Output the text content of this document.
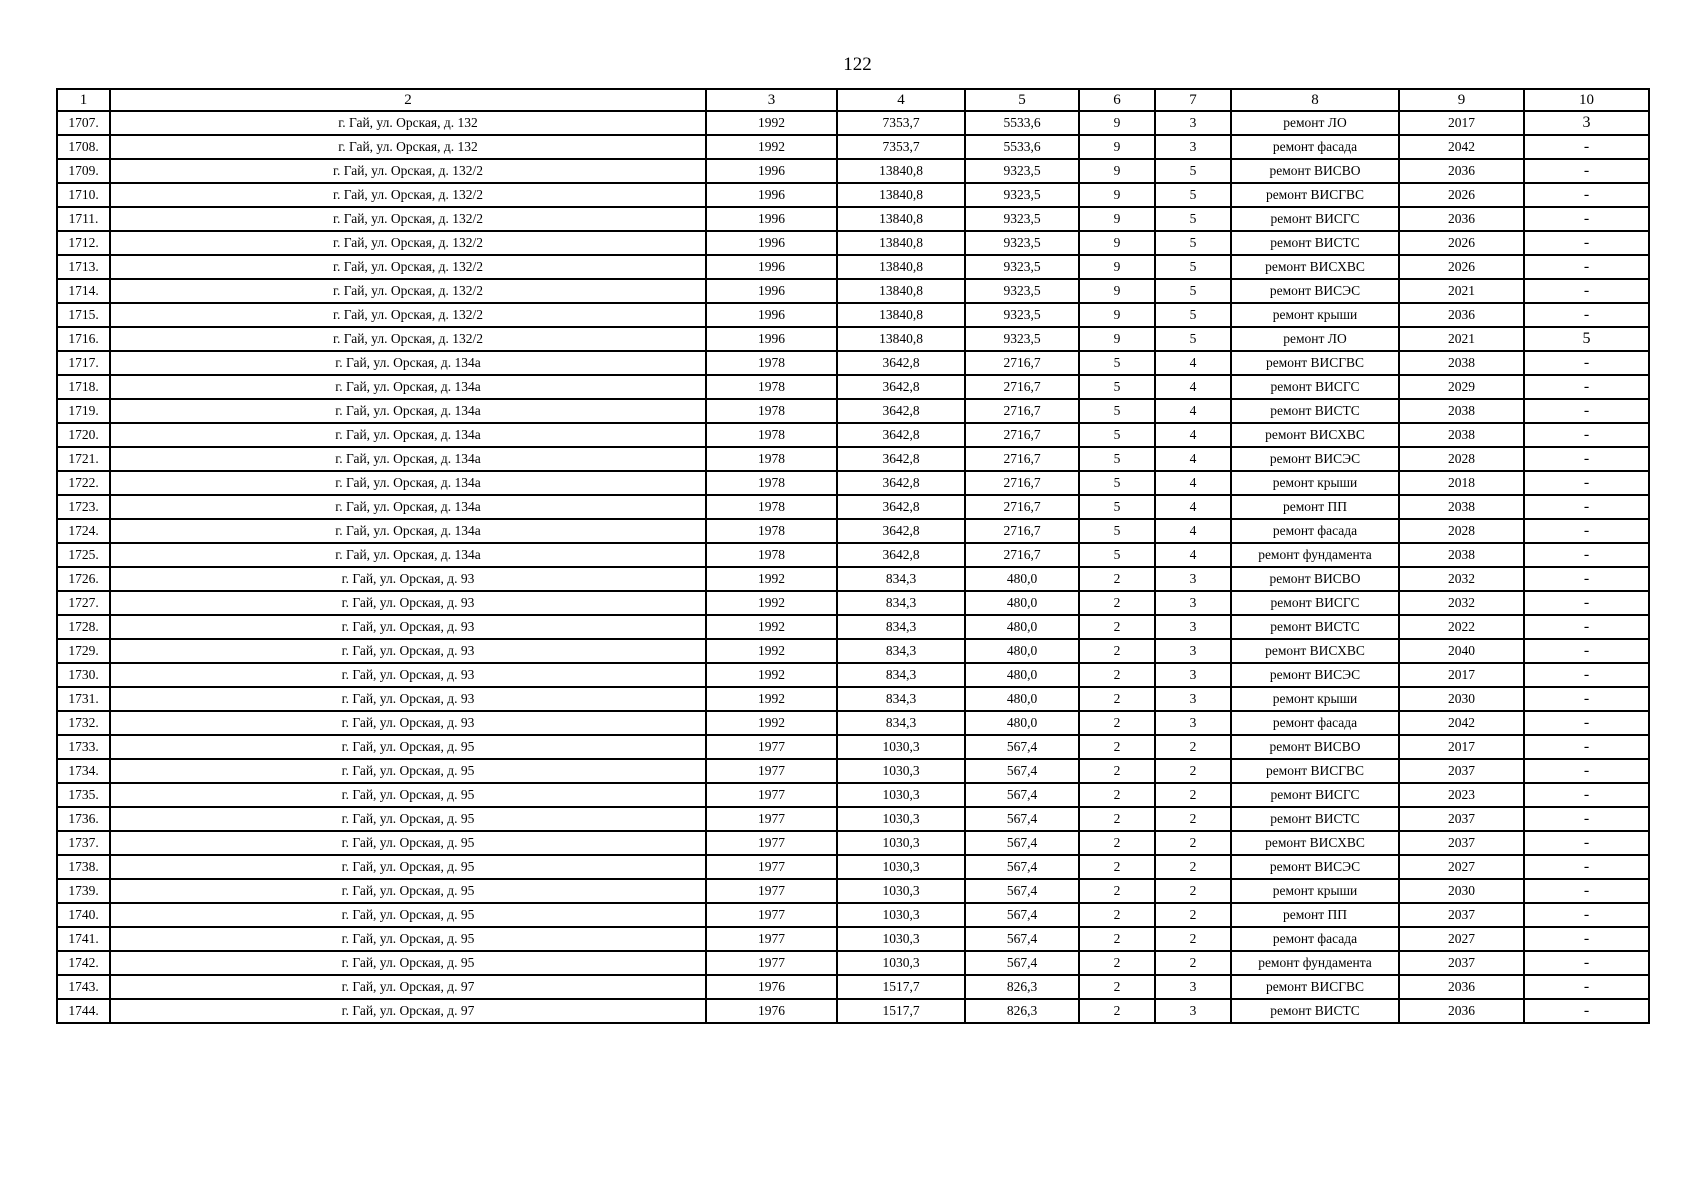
122
1	2	3	4	5	6	7	8	9	10
1707.	г. Гай, ул. Орская, д. 132	1992	7353,7	5533,6	9	3	ремонт ЛО	2017	3
1708.	г. Гай, ул. Орская, д. 132	1992	7353,7	5533,6	9	3	ремонт фасада	2042	-
1709.	г. Гай, ул. Орская, д. 132/2	1996	13840,8	9323,5	9	5	ремонт ВИСВО	2036	-
1710.	г. Гай, ул. Орская, д. 132/2	1996	13840,8	9323,5	9	5	ремонт ВИСГВС	2026	-
1711.	г. Гай, ул. Орская, д. 132/2	1996	13840,8	9323,5	9	5	ремонт ВИСГС	2036	-
1712.	г. Гай, ул. Орская, д. 132/2	1996	13840,8	9323,5	9	5	ремонт ВИСТС	2026	-
1713.	г. Гай, ул. Орская, д. 132/2	1996	13840,8	9323,5	9	5	ремонт ВИСХВС	2026	-
1714.	г. Гай, ул. Орская, д. 132/2	1996	13840,8	9323,5	9	5	ремонт ВИСЭС	2021	-
1715.	г. Гай, ул. Орская, д. 132/2	1996	13840,8	9323,5	9	5	ремонт крыши	2036	-
1716.	г. Гай, ул. Орская, д. 132/2	1996	13840,8	9323,5	9	5	ремонт ЛО	2021	5
1717.	г. Гай, ул. Орская, д. 134а	1978	3642,8	2716,7	5	4	ремонт ВИСГВС	2038	-
1718.	г. Гай, ул. Орская, д. 134а	1978	3642,8	2716,7	5	4	ремонт ВИСГС	2029	-
1719.	г. Гай, ул. Орская, д. 134а	1978	3642,8	2716,7	5	4	ремонт ВИСТС	2038	-
1720.	г. Гай, ул. Орская, д. 134а	1978	3642,8	2716,7	5	4	ремонт ВИСХВС	2038	-
1721.	г. Гай, ул. Орская, д. 134а	1978	3642,8	2716,7	5	4	ремонт ВИСЭС	2028	-
1722.	г. Гай, ул. Орская, д. 134а	1978	3642,8	2716,7	5	4	ремонт крыши	2018	-
1723.	г. Гай, ул. Орская, д. 134а	1978	3642,8	2716,7	5	4	ремонт ПП	2038	-
1724.	г. Гай, ул. Орская, д. 134а	1978	3642,8	2716,7	5	4	ремонт фасада	2028	-
1725.	г. Гай, ул. Орская, д. 134а	1978	3642,8	2716,7	5	4	ремонт фундамента	2038	-
1726.	г. Гай, ул. Орская, д. 93	1992	834,3	480,0	2	3	ремонт ВИСВО	2032	-
1727.	г. Гай, ул. Орская, д. 93	1992	834,3	480,0	2	3	ремонт ВИСГС	2032	-
1728.	г. Гай, ул. Орская, д. 93	1992	834,3	480,0	2	3	ремонт ВИСТС	2022	-
1729.	г. Гай, ул. Орская, д. 93	1992	834,3	480,0	2	3	ремонт ВИСХВС	2040	-
1730.	г. Гай, ул. Орская, д. 93	1992	834,3	480,0	2	3	ремонт ВИСЭС	2017	-
1731.	г. Гай, ул. Орская, д. 93	1992	834,3	480,0	2	3	ремонт крыши	2030	-
1732.	г. Гай, ул. Орская, д. 93	1992	834,3	480,0	2	3	ремонт фасада	2042	-
1733.	г. Гай, ул. Орская, д. 95	1977	1030,3	567,4	2	2	ремонт ВИСВО	2017	-
1734.	г. Гай, ул. Орская, д. 95	1977	1030,3	567,4	2	2	ремонт ВИСГВС	2037	-
1735.	г. Гай, ул. Орская, д. 95	1977	1030,3	567,4	2	2	ремонт ВИСГС	2023	-
1736.	г. Гай, ул. Орская, д. 95	1977	1030,3	567,4	2	2	ремонт ВИСТС	2037	-
1737.	г. Гай, ул. Орская, д. 95	1977	1030,3	567,4	2	2	ремонт ВИСХВС	2037	-
1738.	г. Гай, ул. Орская, д. 95	1977	1030,3	567,4	2	2	ремонт ВИСЭС	2027	-
1739.	г. Гай, ул. Орская, д. 95	1977	1030,3	567,4	2	2	ремонт крыши	2030	-
1740.	г. Гай, ул. Орская, д. 95	1977	1030,3	567,4	2	2	ремонт ПП	2037	-
1741.	г. Гай, ул. Орская, д. 95	1977	1030,3	567,4	2	2	ремонт фасада	2027	-
1742.	г. Гай, ул. Орская, д. 95	1977	1030,3	567,4	2	2	ремонт фундамента	2037	-
1743.	г. Гай, ул. Орская, д. 97	1976	1517,7	826,3	2	3	ремонт ВИСГВС	2036	-
1744.	г. Гай, ул. Орская, д. 97	1976	1517,7	826,3	2	3	ремонт ВИСТС	2036	-
